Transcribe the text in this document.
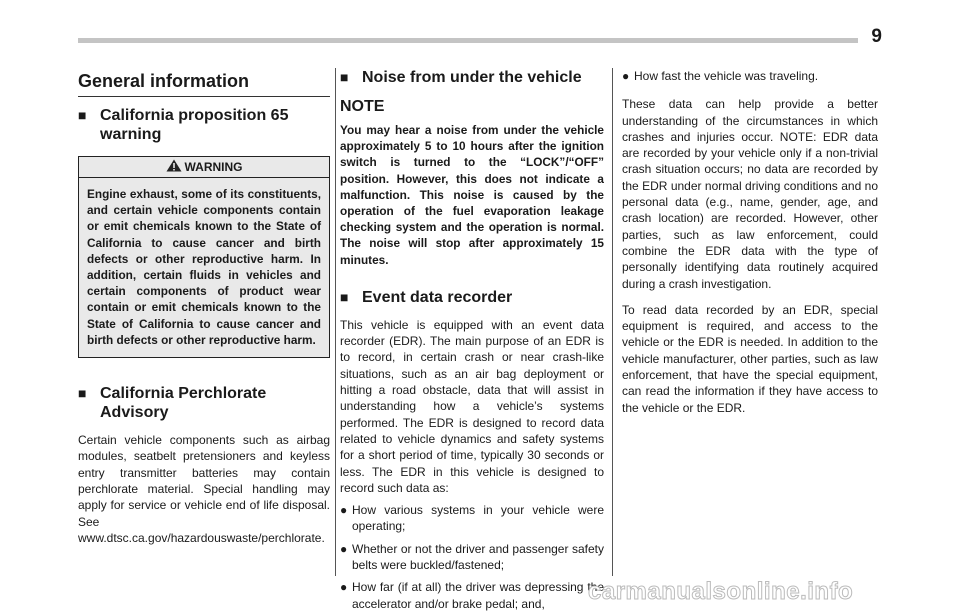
9
General information
■ California proposition 65 warning
WARNING
Engine exhaust, some of its constituents, and certain vehicle components contain or emit chemicals known to the State of California to cause cancer and birth defects or other reproductive harm. In addition, certain fluids in vehicles and certain components of product wear contain or emit chemicals known to the State of California to cause cancer and birth defects or other reproductive harm.
■ California Perchlorate Advisory

Certain vehicle components such as airbag modules, seatbelt pretensioners and keyless entry transmitter batteries may contain perchlorate material. Special handling may apply for service or vehicle end of life disposal. See www.dtsc.ca.gov/hazardouswaste/perchlorate.

■ Noise from under the vehicle
NOTE

You may hear a noise from under the vehicle approximately 5 to 10 hours after the ignition switch is turned to the “LOCK”/“OFF” position. However, this does not indicate a malfunction. This noise is caused by the operation of the fuel evaporation leakage checking system and the operation is normal. The noise will stop after approximately 15 minutes.

■ Event data recorder

This vehicle is equipped with an event data recorder (EDR). The main purpose of an EDR is to record, in certain crash or near crash-like situations, such as an air bag deployment or hitting a road obstacle, data that will assist in understanding how a vehicle’s systems performed. The EDR is designed to record data related to vehicle dynamics and safety systems for a short period of time, typically 30 seconds or less. The EDR in this vehicle is designed to record such data as:

● How various systems in your vehicle were operating;
● Whether or not the driver and passenger safety belts were buckled/fastened;
● How far (if at all) the driver was depressing the accelerator and/or brake pedal; and,
● How fast the vehicle was traveling.

These data can help provide a better understanding of the circumstances in which crashes and injuries occur. NOTE: EDR data are recorded by your vehicle only if a non-trivial crash situation occurs; no data are recorded by the EDR under normal driving conditions and no personal data (e.g., name, gender, age, and crash location) are recorded. However, other parties, such as law enforcement, could combine the EDR data with the type of personally identifying data routinely acquired during a crash investigation.

To read data recorded by an EDR, special equipment is required, and access to the vehicle or the EDR is needed. In addition to the vehicle manufacturer, other parties, such as law enforcement, that have the special equipment, can read the information if they have access to the vehicle or the EDR.

carmanualsonline.info
